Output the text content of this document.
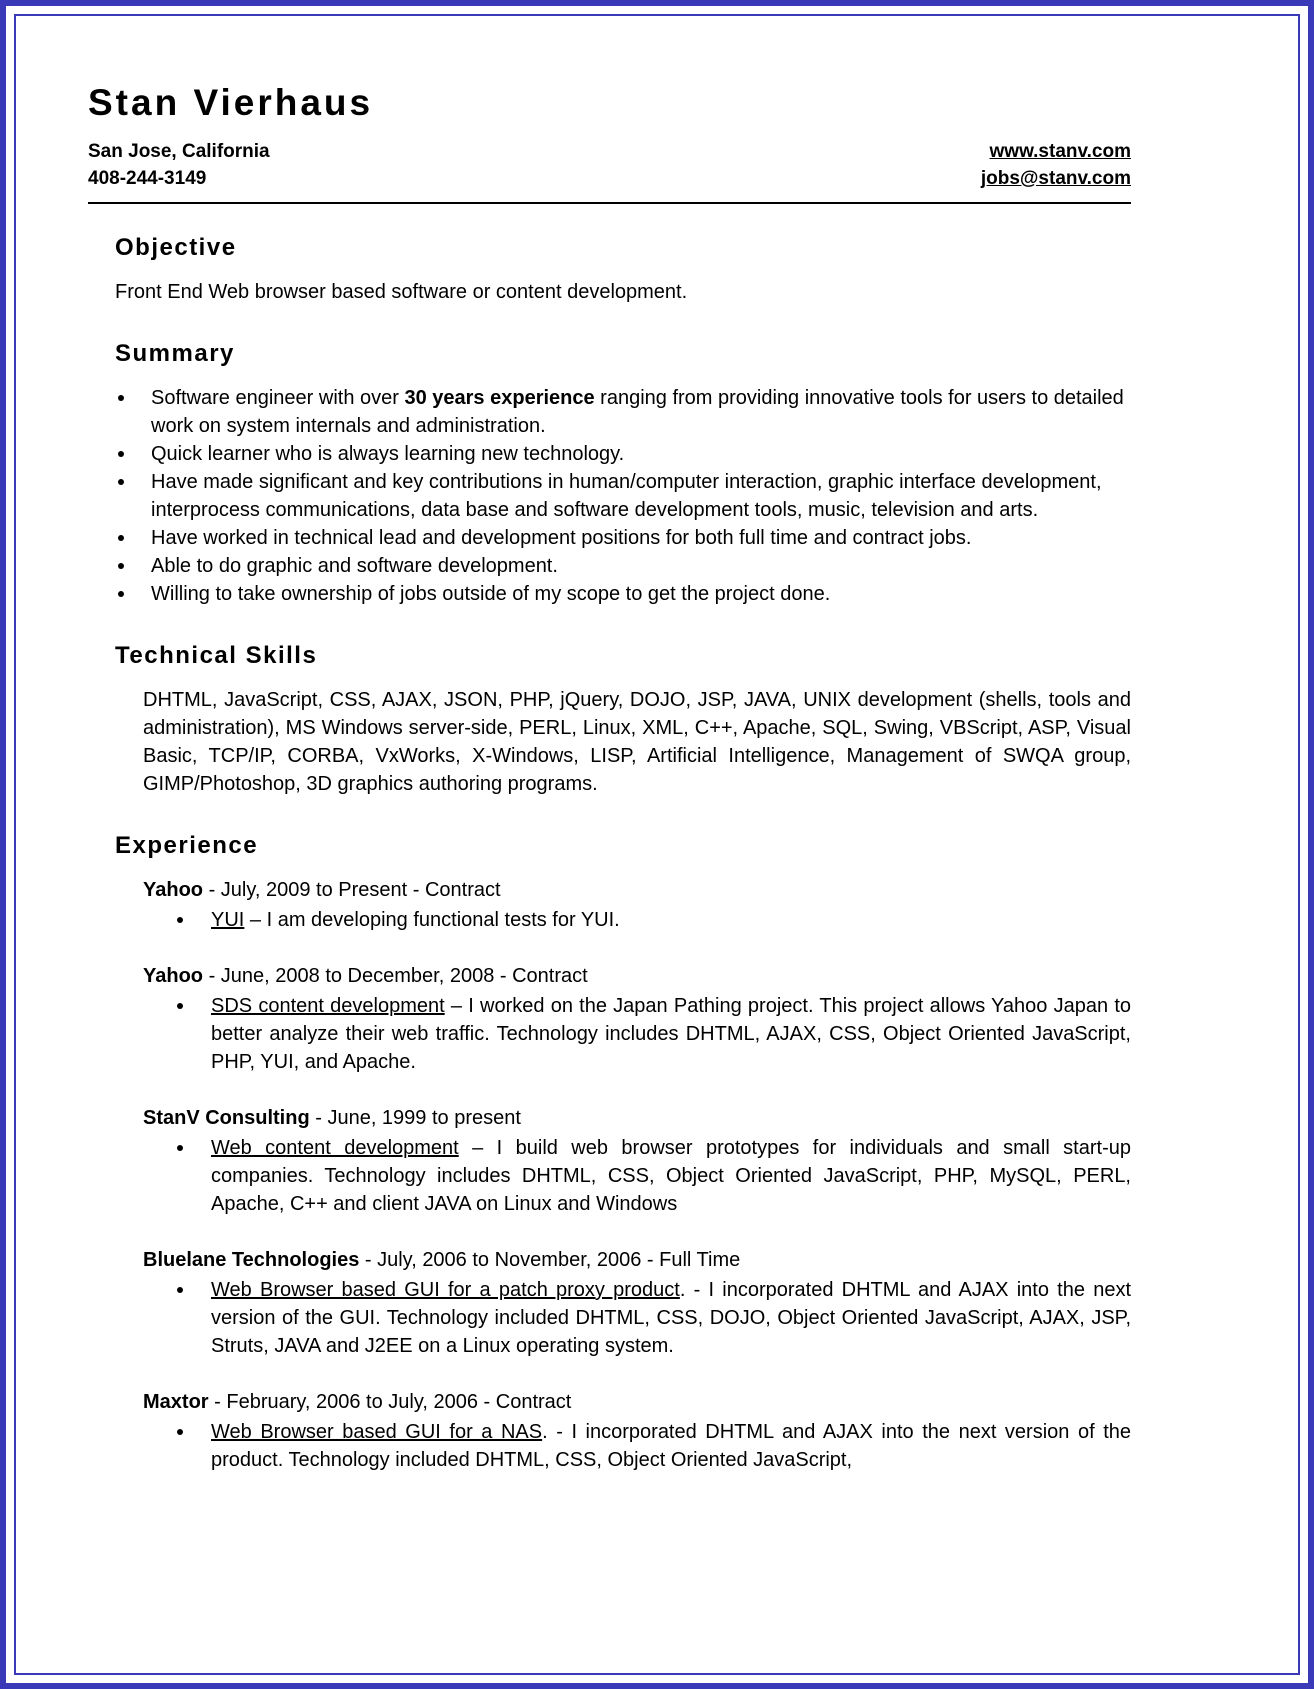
Stan Vierhaus
San Jose, California
408-244-3149
www.stanv.com
jobs@stanv.com
Objective

Front End Web browser based software or content development.

Summary
Software engineer with over 30 years experience ranging from providing innovative tools for users to detailed work on system internals and administration.
Quick learner who is always learning new technology.
Have made significant and key contributions in human/computer interaction, graphic interface development, interprocess communications, data base and software development tools, music, television and arts.
Have worked in technical lead and development positions for both full time and contract jobs.
Able to do graphic and software development.
Willing to take ownership of jobs outside of my scope to get the project done.
Technical Skills

DHTML, JavaScript, CSS, AJAX, JSON, PHP, jQuery, DOJO, JSP, JAVA, UNIX development (shells, tools and administration), MS Windows server-side, PERL, Linux, XML, C++, Apache, SQL, Swing, VBScript, ASP, Visual Basic, TCP/IP, CORBA, VxWorks, X-Windows, LISP, Artificial Intelligence, Management of SWQA group, GIMP/Photoshop, 3D graphics authoring programs.

Experience

Yahoo - July, 2009 to Present - Contract

YUI – I am developing functional tests for YUI.

Yahoo - June, 2008 to December, 2008 - Contract

SDS content development – I worked on the Japan Pathing project. This project allows Yahoo Japan to better analyze their web traffic. Technology includes DHTML, AJAX, CSS, Object Oriented JavaScript, PHP, YUI, and Apache.

StanV Consulting - June, 1999 to present

Web content development – I build web browser prototypes for individuals and small start-up companies. Technology includes DHTML, CSS, Object Oriented JavaScript, PHP, MySQL, PERL, Apache, C++ and client JAVA on Linux and Windows

Bluelane Technologies - July, 2006 to November, 2006 - Full Time

Web Browser based GUI for a patch proxy product. - I incorporated DHTML and AJAX into the next version of the GUI. Technology included DHTML, CSS, DOJO, Object Oriented JavaScript, AJAX, JSP, Struts, JAVA and J2EE on a Linux operating system.

Maxtor - February, 2006 to July, 2006 - Contract

Web Browser based GUI for a NAS. - I incorporated DHTML and AJAX into the next version of the product. Technology included DHTML, CSS, Object Oriented JavaScript,
